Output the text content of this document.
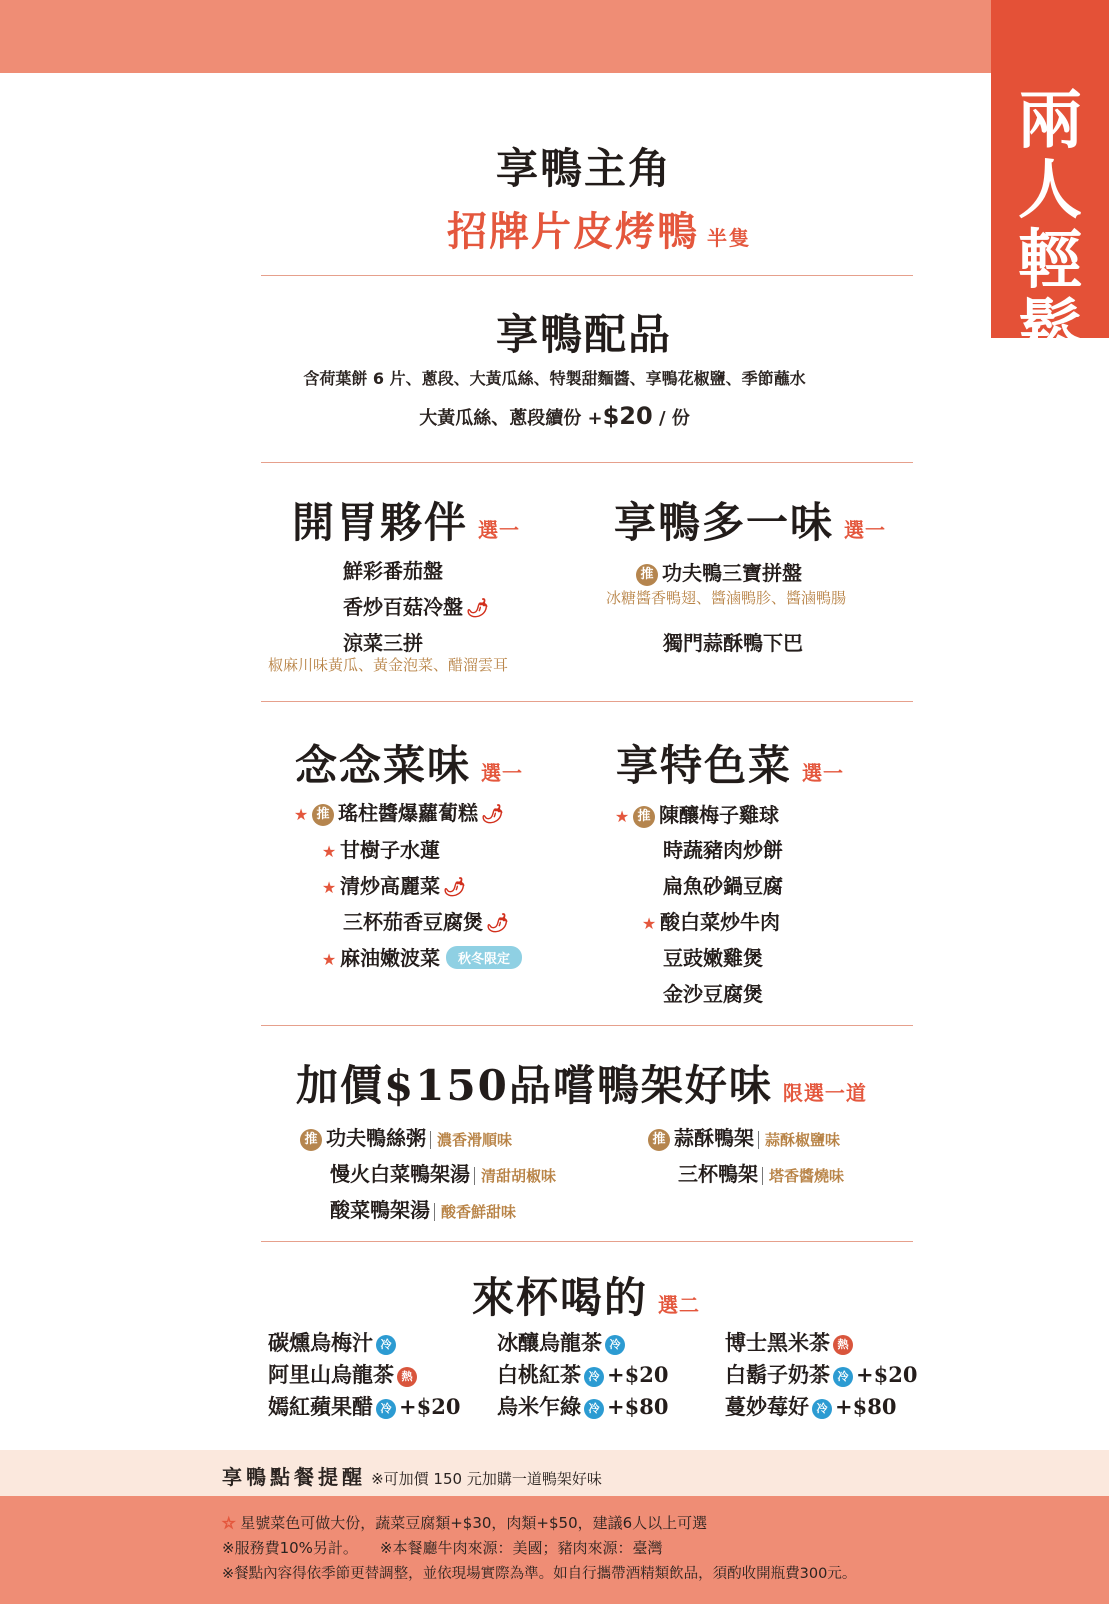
兩
人
輕
鬆
享鴨主角
招牌片皮烤鴨 半隻
享鴨配品
含荷葉餅 6 片、蔥段、大黃瓜絲、特製甜麵醬、享鴨花椒鹽、季節蘸水
大黃瓜絲、蔥段續份 +$20 / 份
開胃夥伴 選一
鮮彩番茄盤
香炒百菇冷盤 🌶
涼菜三拼
椒麻川味黃瓜、黃金泡菜、醋溜雲耳
享鴨多一味 選一
推 功夫鴨三寶拼盤
冰糖醬香鴨翅、醬滷鴨胗、醬滷鴨腸
獨門蒜酥鴨下巴
念念菜味 選一
★ 推 瑤柱醬爆蘿蔔糕 🌶
★ 甘樹子水蓮
★ 清炒高麗菜 🌶
三杯茄香豆腐煲 🌶
★ 麻油嫩波菜 秋冬限定
享特色菜 選一
★ 推 陳釀梅子雞球
時蔬豬肉炒餅
扁魚砂鍋豆腐
★ 酸白菜炒牛肉
豆豉嫩雞煲
金沙豆腐煲
加價$150品嚐鴨架好味 限選一道
推 功夫鴨絲粥 濃香滑順味
慢火白菜鴨架湯 清甜胡椒味
酸菜鴨架湯 酸香鮮甜味
推 蒜酥鴨架 蒜酥椒鹽味
三杯鴨架 塔香醬燒味
來杯喝的 選二
碳燻烏梅汁 冷
阿里山烏龍茶 熱
嫣紅蘋果醋 冷 +$20
冰釀烏龍茶 冷
白桃紅茶 冷 +$20
烏米乍綠 冷 +$80
博士黑米茶 熱
白鬍子奶茶 冷 +$20
蔓妙莓好 冷 +$80
享鴨點餐提醒 ※可加價 150 元加購一道鴨架好味
☆ 星號菜色可做大份，蔬菜豆腐類+$30，肉類+$50，建議6人以上可選
※服務費10%另計。 ※本餐廳牛肉來源：美國；豬肉來源：臺灣
※餐點內容得依季節更替調整，並依現場實際為準。如自行攜帶酒精類飲品，須酌收開瓶費300元。
